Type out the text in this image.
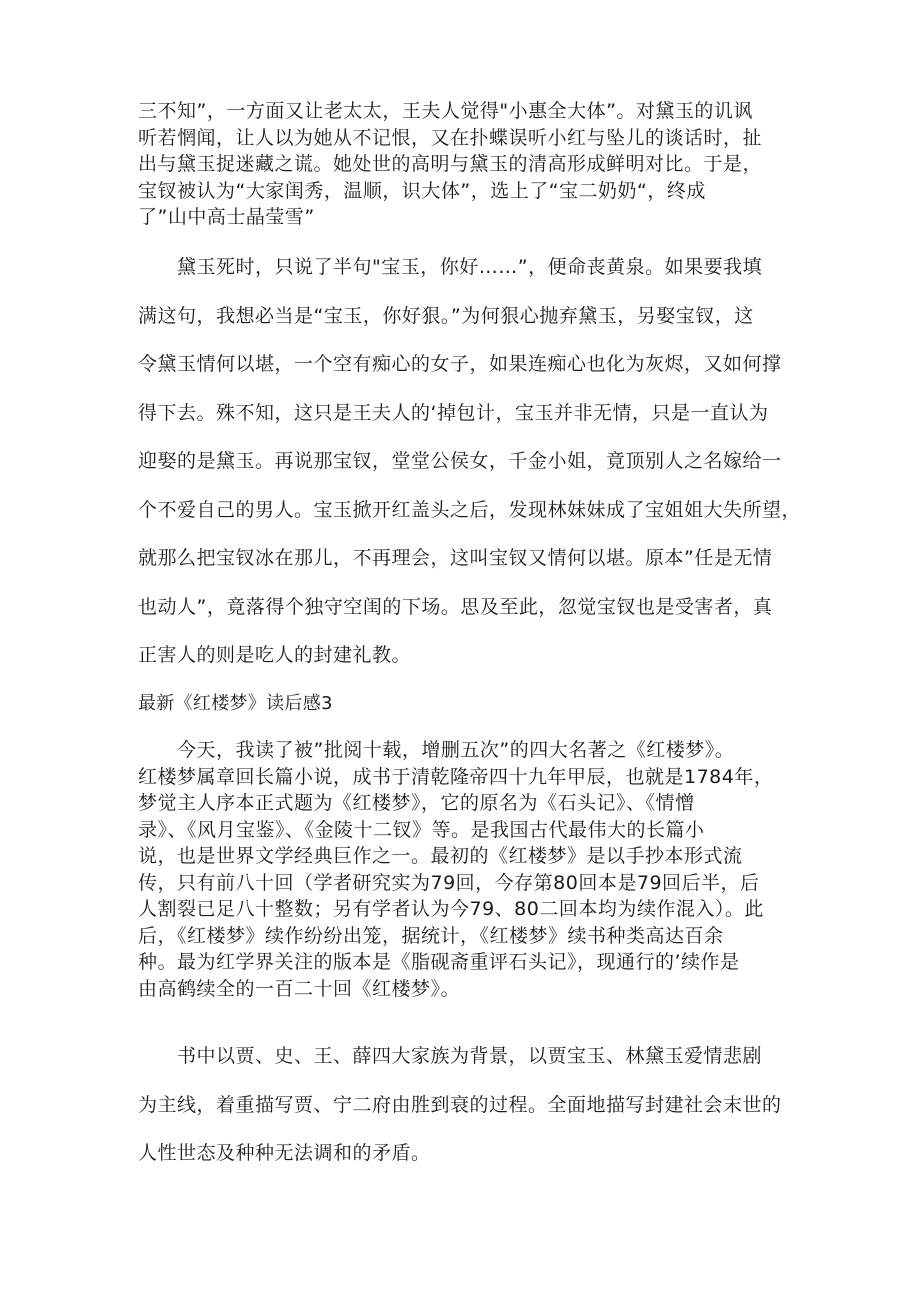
三不知”，一方面又让老太太，王夫人觉得"小惠全大体”。对黛玉的讥讽
听若惘闻，让人以为她从不记恨，又在扑蝶误听小红与坠儿的谈话时，扯
出与黛玉捉迷藏之谎。她处世的高明与黛玉的清高形成鲜明对比。于是，
宝钗被认为“大家闺秀，温顺，识大体”，选上了“宝二奶奶“，终成
了”山中高士晶莹雪”
　　黛玉死时，只说了半句"宝玉，你好……”，便命丧黄泉。如果要我填
满这句，我想必当是“宝玉，你好狠。”为何狠心抛弃黛玉，另娶宝钗，这
令黛玉情何以堪，一个空有痴心的女子，如果连痴心也化为灰烬，又如何撑
得下去。殊不知，这只是王夫人的‘掉包计，宝玉并非无情，只是一直认为
迎娶的是黛玉。再说那宝钗，堂堂公侯女，千金小姐，竟顶别人之名嫁给一
个不爱自己的男人。宝玉掀开红盖头之后，发现林妹妹成了宝姐姐大失所望，
就那么把宝钗冰在那儿，不再理会，这叫宝钗又情何以堪。原本”任是无情
也动人”，竟落得个独守空闺的下场。思及至此，忽觉宝钗也是受害者，真
正害人的则是吃人的封建礼教。
最新《红楼梦》读后感3
　　今天，我读了被”批阅十载，增删五次”的四大名著之《红楼梦》。
红楼梦属章回长篇小说，成书于清乾隆帝四十九年甲辰，也就是1784年，
梦觉主人序本正式题为《红楼梦》，它的原名为《石头记》、《情憎
录》、《风月宝鉴》、《金陵十二钗》等。是我国古代最伟大的长篇小
说，也是世界文学经典巨作之一。最初的《红楼梦》是以手抄本形式流
传，只有前八十回（学者研究实为79回，今存第80回本是79回后半，后
人割裂已足八十整数；另有学者认为今79、80二回本均为续作混入）。此
后，《红楼梦》续作纷纷出笼，据统计，《红楼梦》续书种类高达百余
种。最为红学界关注的版本是《脂砚斋重评石头记》，现通行的’续作是
由高鹤续全的一百二十回《红楼梦》。
　　书中以贾、史、王、薛四大家族为背景，以贾宝玉、林黛玉爱情悲剧
为主线，着重描写贾、宁二府由胜到衰的过程。全面地描写封建社会末世的
人性世态及种种无法调和的矛盾。
